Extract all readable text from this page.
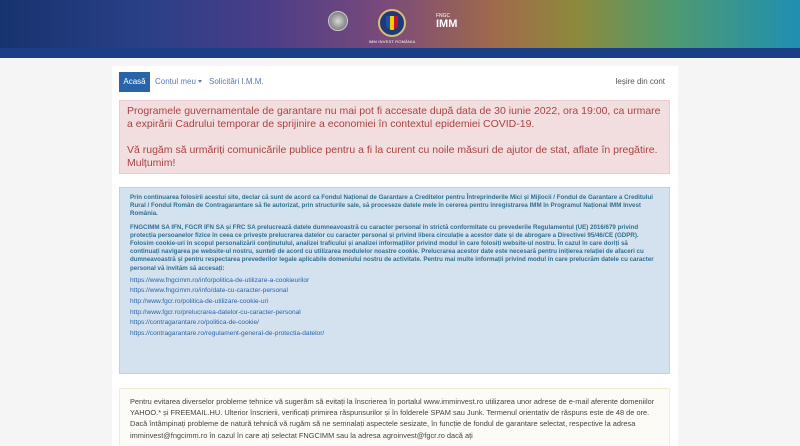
IMM INVEST ROMÂNIA
FNGC
IMM
Acasă	Contul meu	Solicitări I.M.M.	Ieșire din cont

Programele guvernamentale de garantare nu mai pot fi accesate după data de 30 iunie 2022, ora 19:00, ca urmare a expirării Cadrului temporar de sprijinire a economiei în contextul epidemiei COVID-19.

Vă rugăm să urmăriți comunicările publice pentru a fi la curent cu noile măsuri de ajutor de stat, aflate în pregătire. Mulțumim!

Prin continuarea folosirii acestui site, declar că sunt de acord ca Fondul Național de Garantare a Creditelor pentru Întreprinderile Mici și Mijlocii / Fondul de Garantare a Creditului Rural / Fondul Român de Contragarantare să fie autorizat, prin structurile sale, să proceseze datele mele în cererea pentru înregistrarea IMM în Programul Național IMM Invest România.
FNGCIMM SA IFN, FGCR IFN SA și FRC SA prelucrează datele dumneavoastră cu caracter personal în strictă conformitate cu prevederile Regulamentul (UE) 2016/679 privind protecția persoanelor fizice în ceea ce privește prelucrarea datelor cu caracter personal și privind libera circulație a acestor date și de abrogare a Directivei 95/46/CE (GDPR). Folosim cookie-uri în scopul personalizării conținutului, analizei traficului și analizei informațiilor privind modul în care folosiți website-ul nostru. În cazul în care doriți să continuați navigarea pe website-ul nostru, sunteți de acord cu utilizarea modulelor noastre cookie. Prelucrarea acestor date este necesară pentru inițierea relației de afaceri cu dumneavoastră și pentru respectarea prevederilor legale aplicabile domeniului nostru de activitate. Pentru mai multe informații privind modul în care prelucrăm datele cu caracter personal vă invităm să accesați:
https://www.fngcimm.ro/info/politica-de-utilizare-a-cookieurilor
https://www.fngcimm.ro/info/date-cu-caracter-personal
http://www.fgcr.ro/politica-de-utilizare-cookie-uri
http://www.fgcr.ro/prelucrarea-datelor-cu-caracter-personal
https://contragarantare.ro/politica-de-cookie/
https://contragarantare.ro/regulament-general-de-protectia-datelor/
Pentru evitarea diverselor probleme tehnice vă sugerăm să evitați la înscrierea în portalul www.imminvest.ro utilizarea unor adrese de e-mail aferente domeniilor YAHOO.* și FREEMAIL.HU. Ulterior înscrierii, verificați primirea răspunsurilor și în folderele SPAM sau Junk. Termenul orientativ de răspuns este de 48 de ore. Dacă întâmpinați probleme de natură tehnică vă rugăm să ne semnalați aspectele sesizate, în funcție de fondul de garantare selectat, respective la adresa imminvest@fngcimm.ro în cazul în care ați selectat FNGCIMM sau la adresa agroinvest@fgcr.ro dacă ați
